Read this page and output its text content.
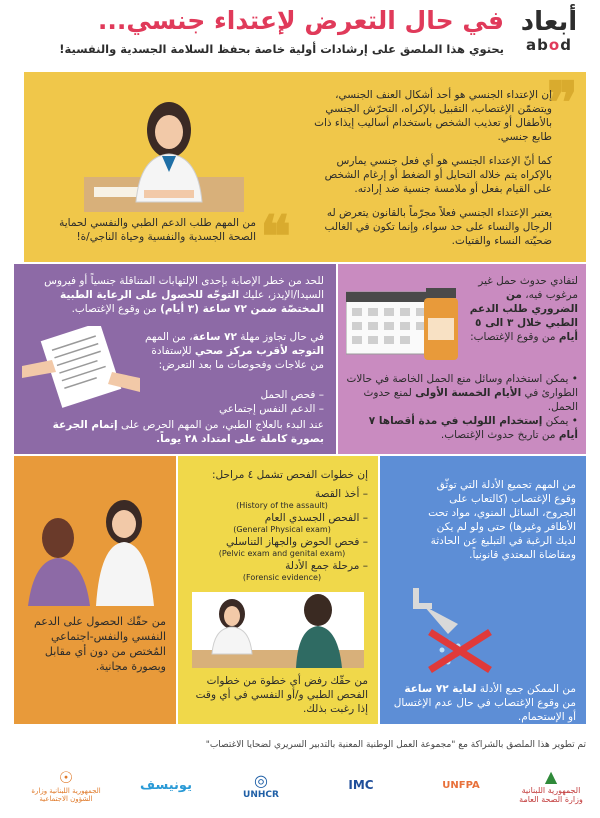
أبعاد
abod
في حال التعرض لإعتداء جنسي...
يحتوي هذا الملصق على إرشادات أولية خاصة بحفظ السلامة الجسدية والنفسية!
❞
❝

إن الإعتداء الجنسي هو أحد أشكال العنف الجنسي، ويتضمّن الإغتصاب، التقبيل بالإكراه، التحرّش الجنسي بالأطفال أو تعذيب الشخص باستخدام أساليب إيذاء ذات طابع جنسي.

كما أنّ الإعتداء الجنسي هو أي فعل جنسي يمارس بالإكراه يتم خلاله التحايل أو الضغط أو إرغام الشخص على القيام بفعل أو ملامسة جنسية ضد إرادته.

يعتبر الإعتداء الجنسي فعلاً مجرّماً بالقانون يتعرض له الرجال والنساء على حد سواء، وإنما تكون في الغالب ضحيّته النساء والفتيات.

من المهم طلب الدعم الطبي والنفسي لحماية الصحة الجسدية والنفسية وحياة الناجي/ة!
للحد من خطر الإصابة بإحدى الإلتهابات المتناقلة جنسياً أو فيروس السيدا/الإيدز، عليك التوجّه للحصول على الرعاية الطبية المختصّة ضمن ٧٢ ساعة (٣ أيام) من وقوع الإغتصاب.
في حال تجاوز مهلة ٧٢ ساعة، من المهم التوجه لأقرب مركز صحي للإستفادة من علاجات وفحوصات ما بعد التعرض:
– فحص الحمل
– الدعم النفس إجتماعي
عند البدء بالعلاج الطبي، من المهم الحرص على إتمام الجرعة بصورة كاملة على امتداد ٢٨ يوماً.
لتفادي حدوث حمل غير مرغوب فيه، من الضروري طلب الدعم الطبي خلال ٣ الى ٥ أيام من وقوع الإغتصاب:
• يمكن استخدام وسائل منع الحمل الخاصة في حالات الطوارئ في الأيام الخمسة الأولى لمنع حدوث الحمل.
• يمكن إستخدام اللولب في مدة أقصاها ٧ أيام من تاريخ حدوث الإغتصاب.
من حقّك الحصول على الدعم النفسي والنفس-اجتماعي المُختص من دون أي مقابل وبصورة مجانية.
إن خطوات الفحص تشمل ٤ مراحل:
– أخذ القصة
(History of the assault)
– الفحص الجسدي العام
(General Physical exam)
– فحص الحوض والجهاز التناسلي
(Pelvic exam and genital exam)
– مرحلة جمع الأدلة
(Forensic evidence)
من حقّك رفض أي خطوة من خطوات الفحص الطبي و/أو النفسي في أي وقت إذا رغبت بذلك.
من المهم تجميع الأدلة التي توثّق وقوع الإغتصاب (كالتعاب على الجروح، السائل المنوي، مواد تحت الأظافر وغيرها) حتى ولو لم يكن لديك الرغبة في التبليغ عن الحادثة ومقاضاة المعتدي قانونياً.
من الممكن جمع الأدلة لغاية ٧٢ ساعة من وقوع الإغتصاب في حال عدم الإغتسال أو الإستحمام.
تم تطوير هذا الملصق بالشراكة مع "مجموعة العمل الوطنية المعنية بالتدبير السريري لضحايا الاغتصاب"
▲
الجمهورية اللبنانية وزارة الصحة العامة
UNFPA
IMC
◎
UNHCR
يونيسف
☉
الجمهورية اللبنانية وزارة الشؤون الاجتماعية
